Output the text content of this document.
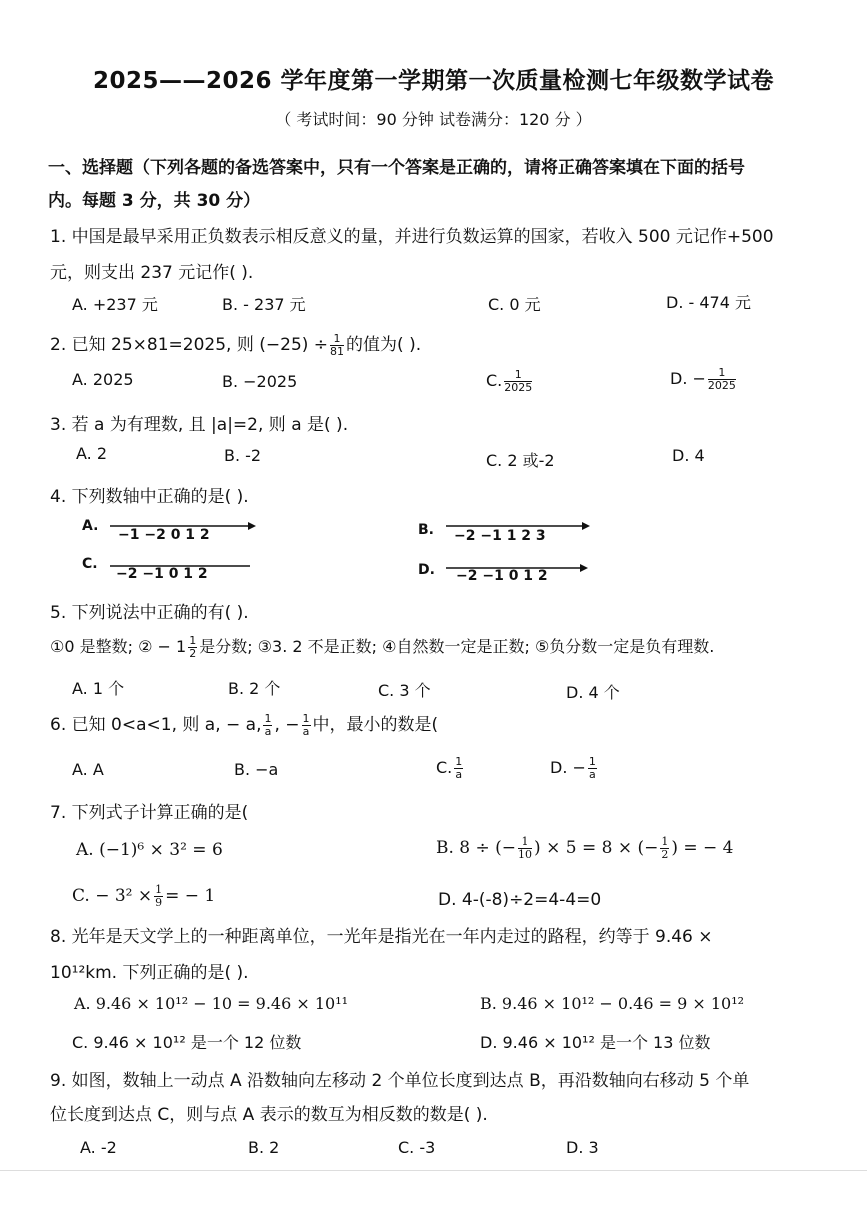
2025——2026 学年度第一学期第一次质量检测七年级数学试卷
（ 考试时间：90 分钟 试卷满分：120 分 ）
一、选择题（下列各题的备选答案中，只有一个答案是正确的，请将正确答案填在下面的括号
内。每题 3 分，共 30 分）
1. 中国是最早采用正负数表示相反意义的量，并进行负数运算的国家，若收入 500 元记作+500
元，则支出 237 元记作( ).
A. +237 元	B. - 237 元	C. 0 元	D. - 474 元
2. 已知 25×81=2025, 则 $(-25) \div \frac{1}{81}$ 的值为( ).
A. 2025	B. −2025	C. $\frac{1}{2025}$	D. − $\frac{1}{2025}$
3. 若 a 为有理数, 且 |a|=2, 则 a 是( ).
A. 2	B. -2	C. 2 或-2	D. 4
4. 下列数轴中正确的是( ).
A.
−1 −2 0 1 2	B. −2 −1 1 2 3
C.
−2 −1 0 1 2	D. −2 −1 0 1 2
5. 下列说法中正确的有( ).
①0 是整数; ② − $1 \frac{1}{2}$ 是分数; ③3. 2 不是正数; ④自然数一定是正数; ⑤负分数一定是负有理数.
A. 1 个	B. 2 个	C. 3 个	D. 4 个
6. 已知 0<a<1, 则 a, − a, $\frac{1}{a}$ , − $\frac{1}{a}$ 中，最小的数是(
A. A	B. −a	C. $\frac{1}{a}$	D. − $\frac{1}{a}$
7. 下列式子计算正确的是(
A. (−1)⁶ × 3² = 6	B. 8 ÷ (− $\frac{1}{10}$ ) × 5 = 8 × (− $\frac{1}{2}$ ) = − 4
C. − $3^2 \times \frac{1}{9}$ = − 1	D. 4-(-8)÷2=4-4=0
8. 光年是天文学上的一种距离单位，一光年是指光在一年内走过的路程，约等于 9.46 ×
10¹²km. 下列正确的是( ).
A. 9.46 × 10¹² − 10 = 9.46 × 10¹¹	B. 9.46 × 10¹² − 0.46 = 9 × 10¹²
C. 9.46 × 10¹² 是一个 12 位数	D. 9.46 × 10¹² 是一个 13 位数
9. 如图，数轴上一动点 A 沿数轴向左移动 2 个单位长度到达点 B，再沿数轴向右移动 5 个单
位长度到达点 C，则与点 A 表示的数互为相反数的数是( ).
A. -2	B. 2	C. -3	D. 3
